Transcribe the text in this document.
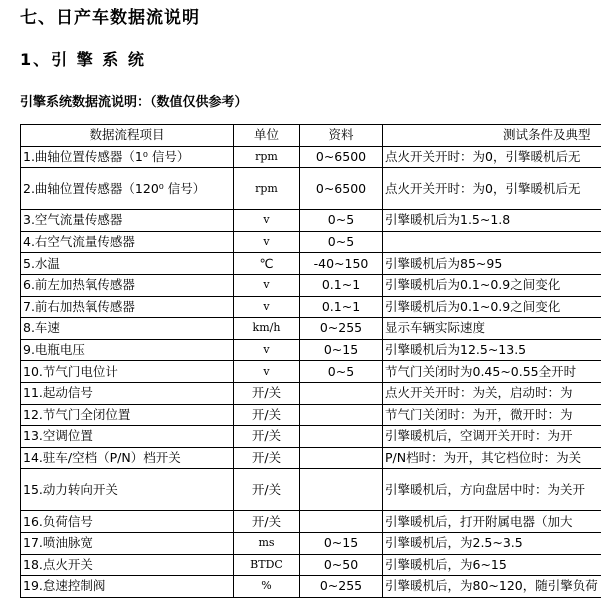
七、日产车数据流说明
1、引 擎 系 统
引擎系统数据流说明：（数值仅供参考）
数据流程项目	单位	资料	测试条件及典型
1.曲轴位置传感器（1⁰ 信号）	rpm	0~6500	点火开关开时：为0，引擎暖机后无
2.曲轴位置传感器（120⁰ 信号）	rpm	0~6500	点火开关开时：为0，引擎暖机后无
3.空气流量传感器	v	0~5	引擎暖机后为1.5~1.8
4.右空气流量传感器	v	0~5	
5.水温	℃	-40~150	引擎暖机后为85~95
6.前左加热氧传感器	v	0.1~1	引擎暖机后为0.1~0.9之间变化
7.前右加热氧传感器	v	0.1~1	引擎暖机后为0.1~0.9之间变化
8.车速	km/h	0~255	显示车辆实际速度
9.电瓶电压	v	0~15	引擎暖机后为12.5~13.5
10.节气门电位计	v	0~5	节气门关闭时为0.45~0.55全开时
11.起动信号	开/关		点火开关开时：为关，启动时：为
12.节气门全闭位置	开/关		节气门关闭时：为开，微开时：为
13.空调位置	开/关		引擎暖机后，空调开关开时：为开
14.驻车/空档（P/N）档开关	开/关		P/N档时：为开，其它档位时：为关
15.动力转向开关	开/关		引擎暖机后，方向盘居中时：为关开
16.负荷信号	开/关		引擎暖机后，打开附属电器（加大
17.喷油脉宽	ms	0~15	引擎暖机后，为2.5~3.5
18.点火开关	BTDC	0~50	引擎暖机后，为6~15
19.怠速控制阀	%	0~255	引擎暖机后，为80~120，随引擎负荷
